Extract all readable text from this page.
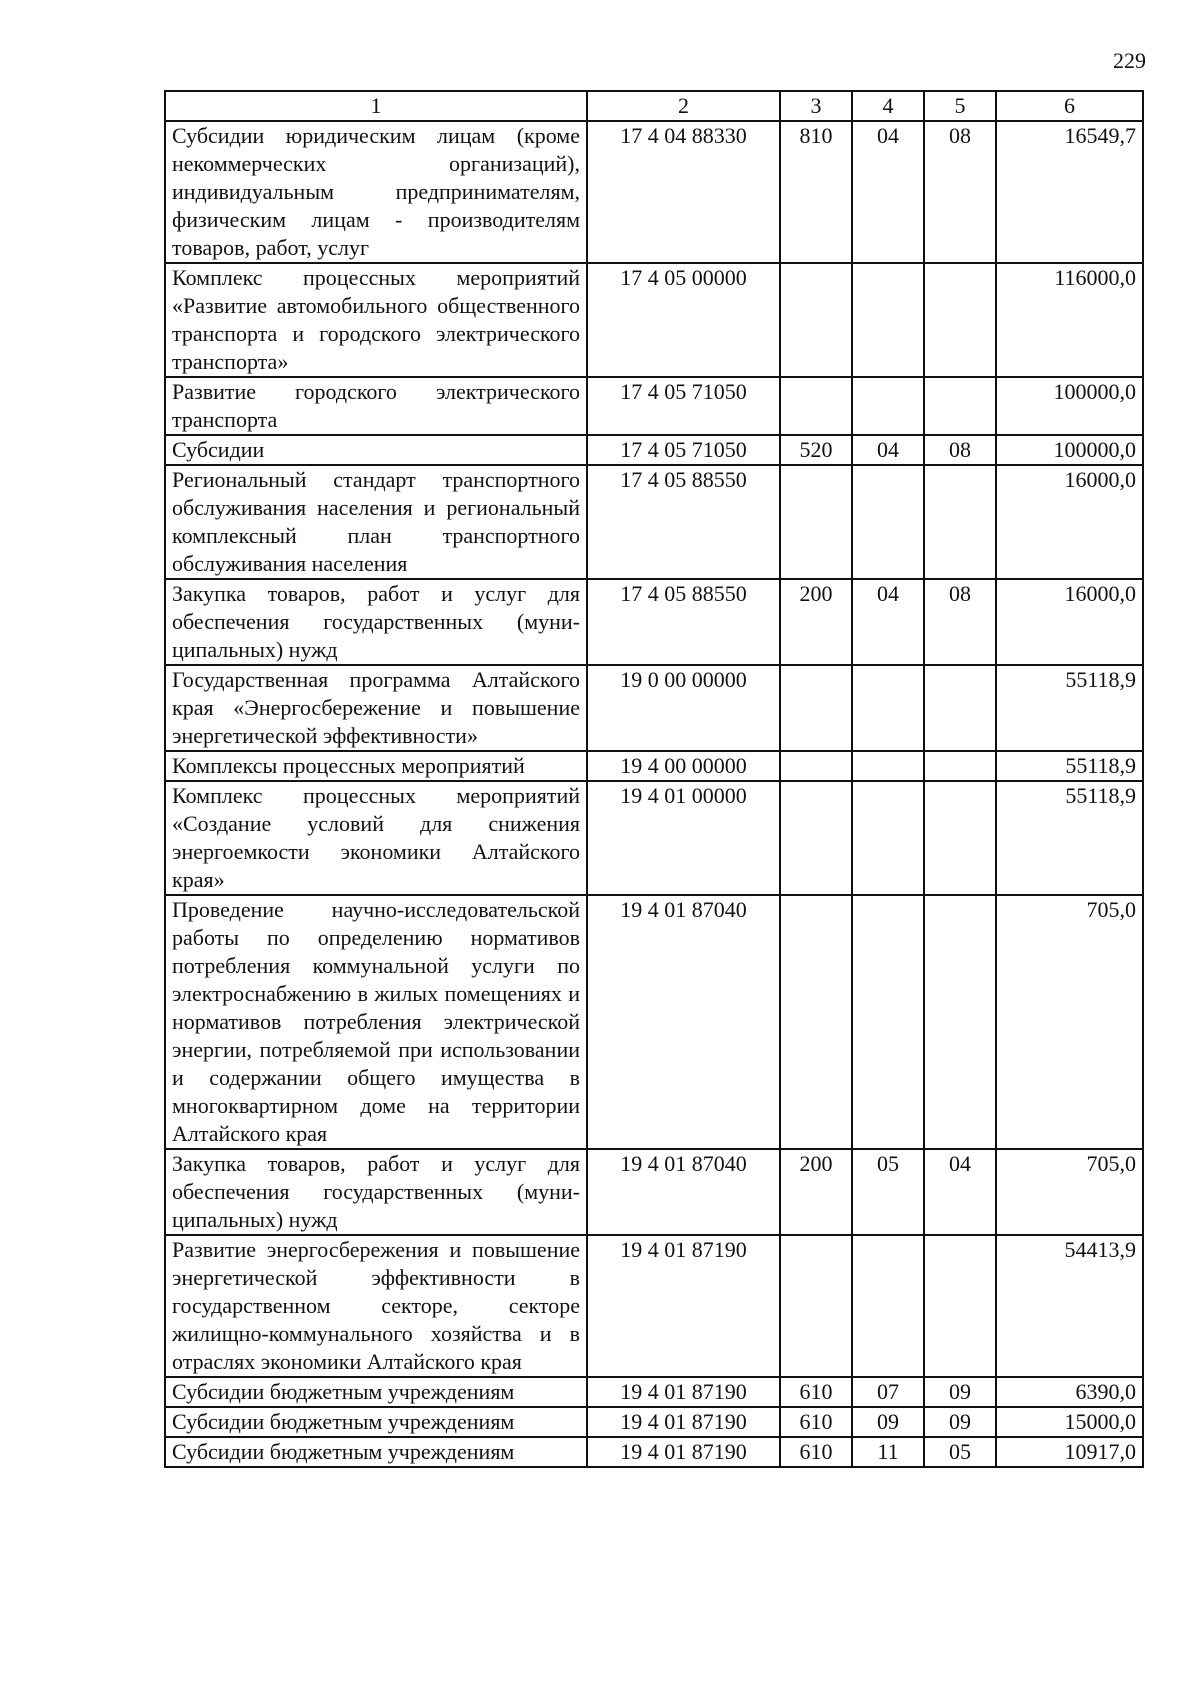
229
1	2	3	4	5	6
Субсидии юридическим лицам (кроме некоммерческих организаций), индивидуальным предпринимателям, физическим лицам - производителям товаров, работ, услуг	17 4 04 88330	810	04	08	16549,7
Комплекс процессных мероприятий «Развитие автомобильного общественного транспорта и городского электрического транспорта»	17 4 05 00000				116000,0
Развитие городского электрического транспорта	17 4 05 71050				100000,0
Субсидии	17 4 05 71050	520	04	08	100000,0
Региональный стандарт транспортного обслуживания населения и региональный комплексный план транспортного обслуживания населения	17 4 05 88550				16000,0
Закупка товаров, работ и услуг для обеспечения государственных (муниципальных) нужд	17 4 05 88550	200	04	08	16000,0
Государственная программа Алтайского края «Энергосбережение и повышение энергетической эффективности»	19 0 00 00000				55118,9
Комплексы процессных мероприятий	19 4 00 00000				55118,9
Комплекс процессных мероприятий «Создание условий для снижения энергоемкости экономики Алтайского края»	19 4 01 00000				55118,9
Проведение научно-исследовательской работы по определению нормативов потребления коммунальной услуги по электроснабжению в жилых помещениях и нормативов потребления электрической энергии, потребляемой при использовании и содержании общего имущества в многоквартирном доме на территории Алтайского края	19 4 01 87040				705,0
Закупка товаров, работ и услуг для обеспечения государственных (муниципальных) нужд	19 4 01 87040	200	05	04	705,0
Развитие энергосбережения и повышение энергетической эффективности в государственном секторе, секторе жилищно-коммунального хозяйства и в отраслях экономики Алтайского края	19 4 01 87190				54413,9
Субсидии бюджетным учреждениям	19 4 01 87190	610	07	09	6390,0
Субсидии бюджетным учреждениям	19 4 01 87190	610	09	09	15000,0
Субсидии бюджетным учреждениям	19 4 01 87190	610	11	05	10917,0
